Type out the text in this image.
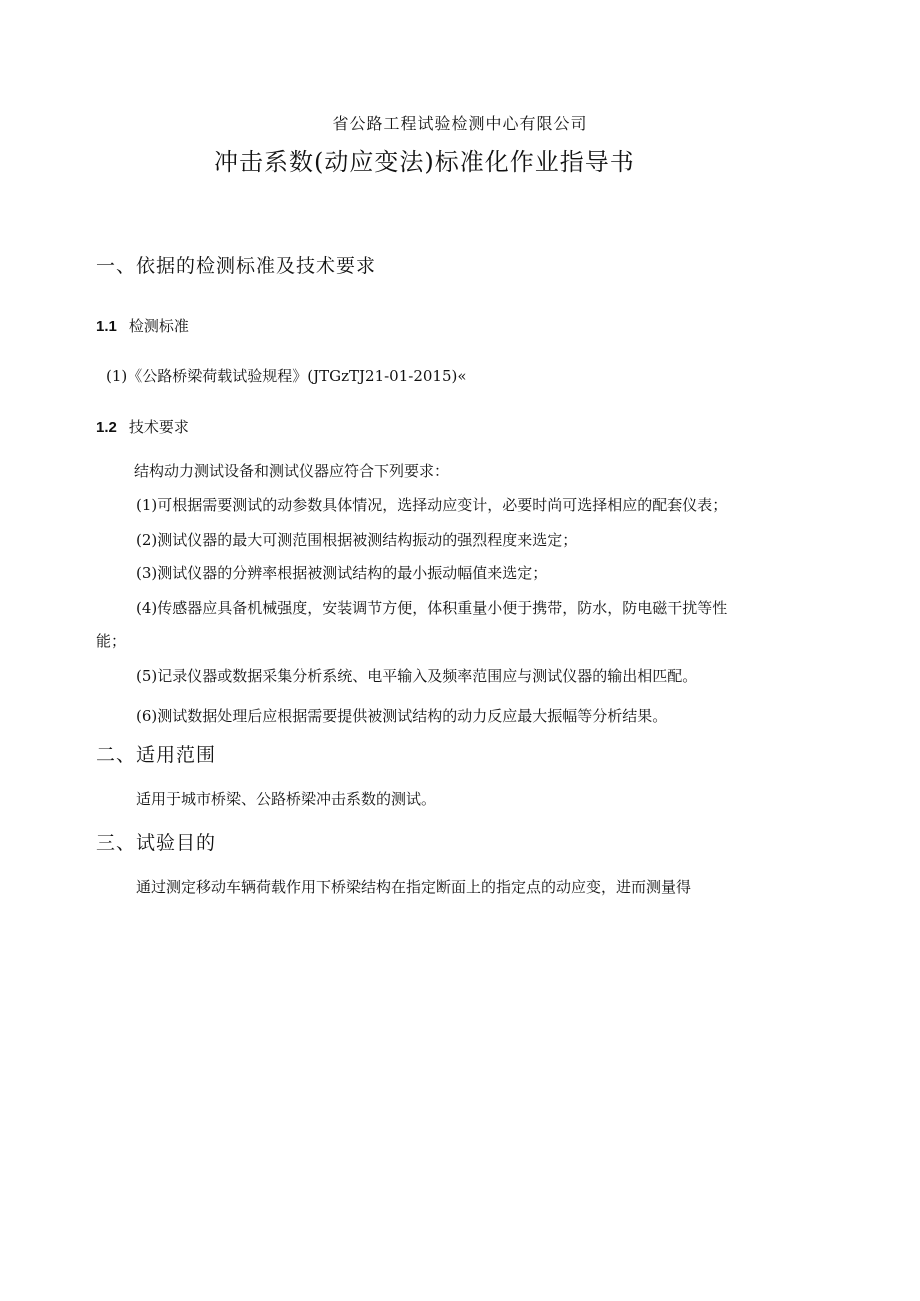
省公路工程试验检测中心有限公司
冲击系数(动应变法)标准化作业指导书
一、依据的检测标准及技术要求
1.1 检测标准
(1)《公路桥梁荷载试验规程》(JTGzTJ21-01-2015)«
1.2 技术要求
结构动力测试设备和测试仪器应符合下列要求：
(1)可根据需要测试的动参数具体情况，选择动应变计，必要时尚可选择相应的配套仪表；
(2)测试仪器的最大可测范围根据被测结构振动的强烈程度来选定；
(3)测试仪器的分辨率根据被测试结构的最小振动幅值来选定；
(4)传感器应具备机械强度，安装调节方便，体积重量小便于携带，防水，防电磁干扰等性
能；
(5)记录仪器或数据采集分析系统、电平输入及频率范围应与测试仪器的输出相匹配。
(6)测试数据处理后应根据需要提供被测试结构的动力反应最大振幅等分析结果。
二、适用范围
适用于城市桥梁、公路桥梁冲击系数的测试。
三、试验目的
通过测定移动车辆荷载作用下桥梁结构在指定断面上的指定点的动应变，进而测量得
